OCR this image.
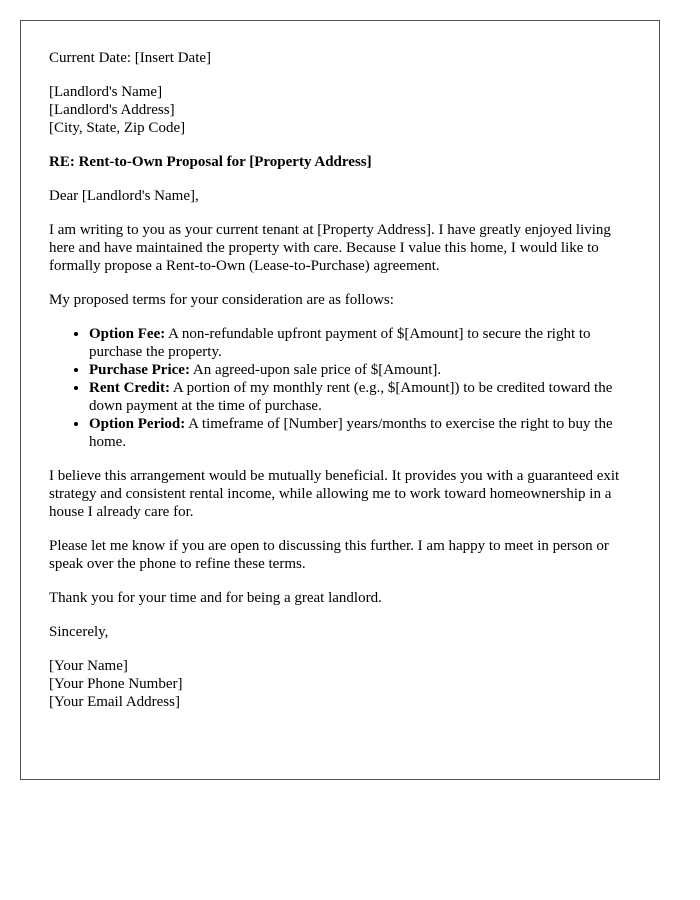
Current Date: [Insert Date]

[Landlord's Name]
[Landlord's Address]
[City, State, Zip Code]

RE: Rent-to-Own Proposal for [Property Address]

Dear [Landlord's Name],

I am writing to you as your current tenant at [Property Address]. I have greatly enjoyed living here and have maintained the property with care. Because I value this home, I would like to formally propose a Rent-to-Own (Lease-to-Purchase) agreement.

My proposed terms for your consideration are as follows:

• Option Fee: A non-refundable upfront payment of $[Amount] to secure the right to purchase the property.
• Purchase Price: An agreed-upon sale price of $[Amount].
• Rent Credit: A portion of my monthly rent (e.g., $[Amount]) to be credited toward the down payment at the time of purchase.
• Option Period: A timeframe of [Number] years/months to exercise the right to buy the home.

I believe this arrangement would be mutually beneficial. It provides you with a guaranteed exit strategy and consistent rental income, while allowing me to work toward homeownership in a house I already care for.

Please let me know if you are open to discussing this further. I am happy to meet in person or speak over the phone to refine these terms.

Thank you for your time and for being a great landlord.

Sincerely,

[Your Name]
[Your Phone Number]
[Your Email Address]
